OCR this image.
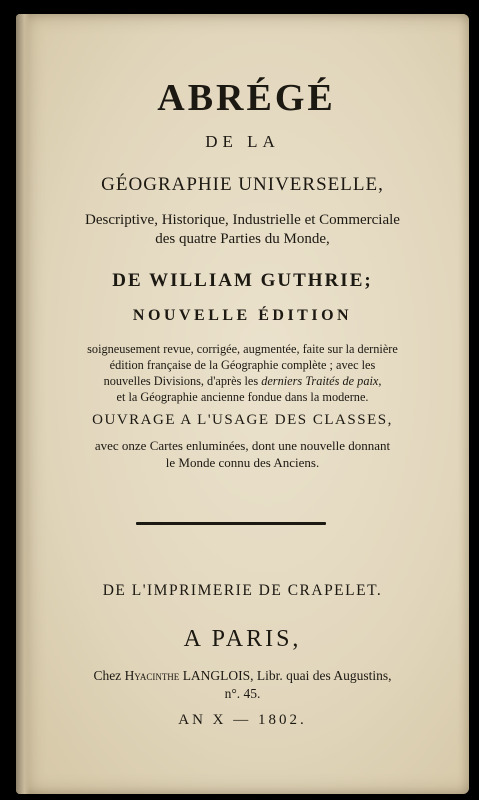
ABRÉGÉ
DE LA
GÉOGRAPHIE UNIVERSELLE,
Descriptive, Historique, Industrielle et Commerciale
des quatre Parties du Monde,
DE WILLIAM GUTHRIE;
NOUVELLE ÉDITION
soigneusement revue, corrigée, augmentée, faite sur la dernière
édition française de la Géographie complète ; avec les
nouvelles Divisions, d'après les derniers Traités de paix,
et la Géographie ancienne fondue dans la moderne.
OUVRAGE A L'USAGE DES CLASSES,
avec onze Cartes enluminées, dont une nouvelle donnant
le Monde connu des Anciens.
DE L'IMPRIMERIE DE CRAPELET.
A PARIS,
Chez Hyacinthe LANGLOIS, Libr. quai des Augustins,
n°. 45.
AN X — 1802.
